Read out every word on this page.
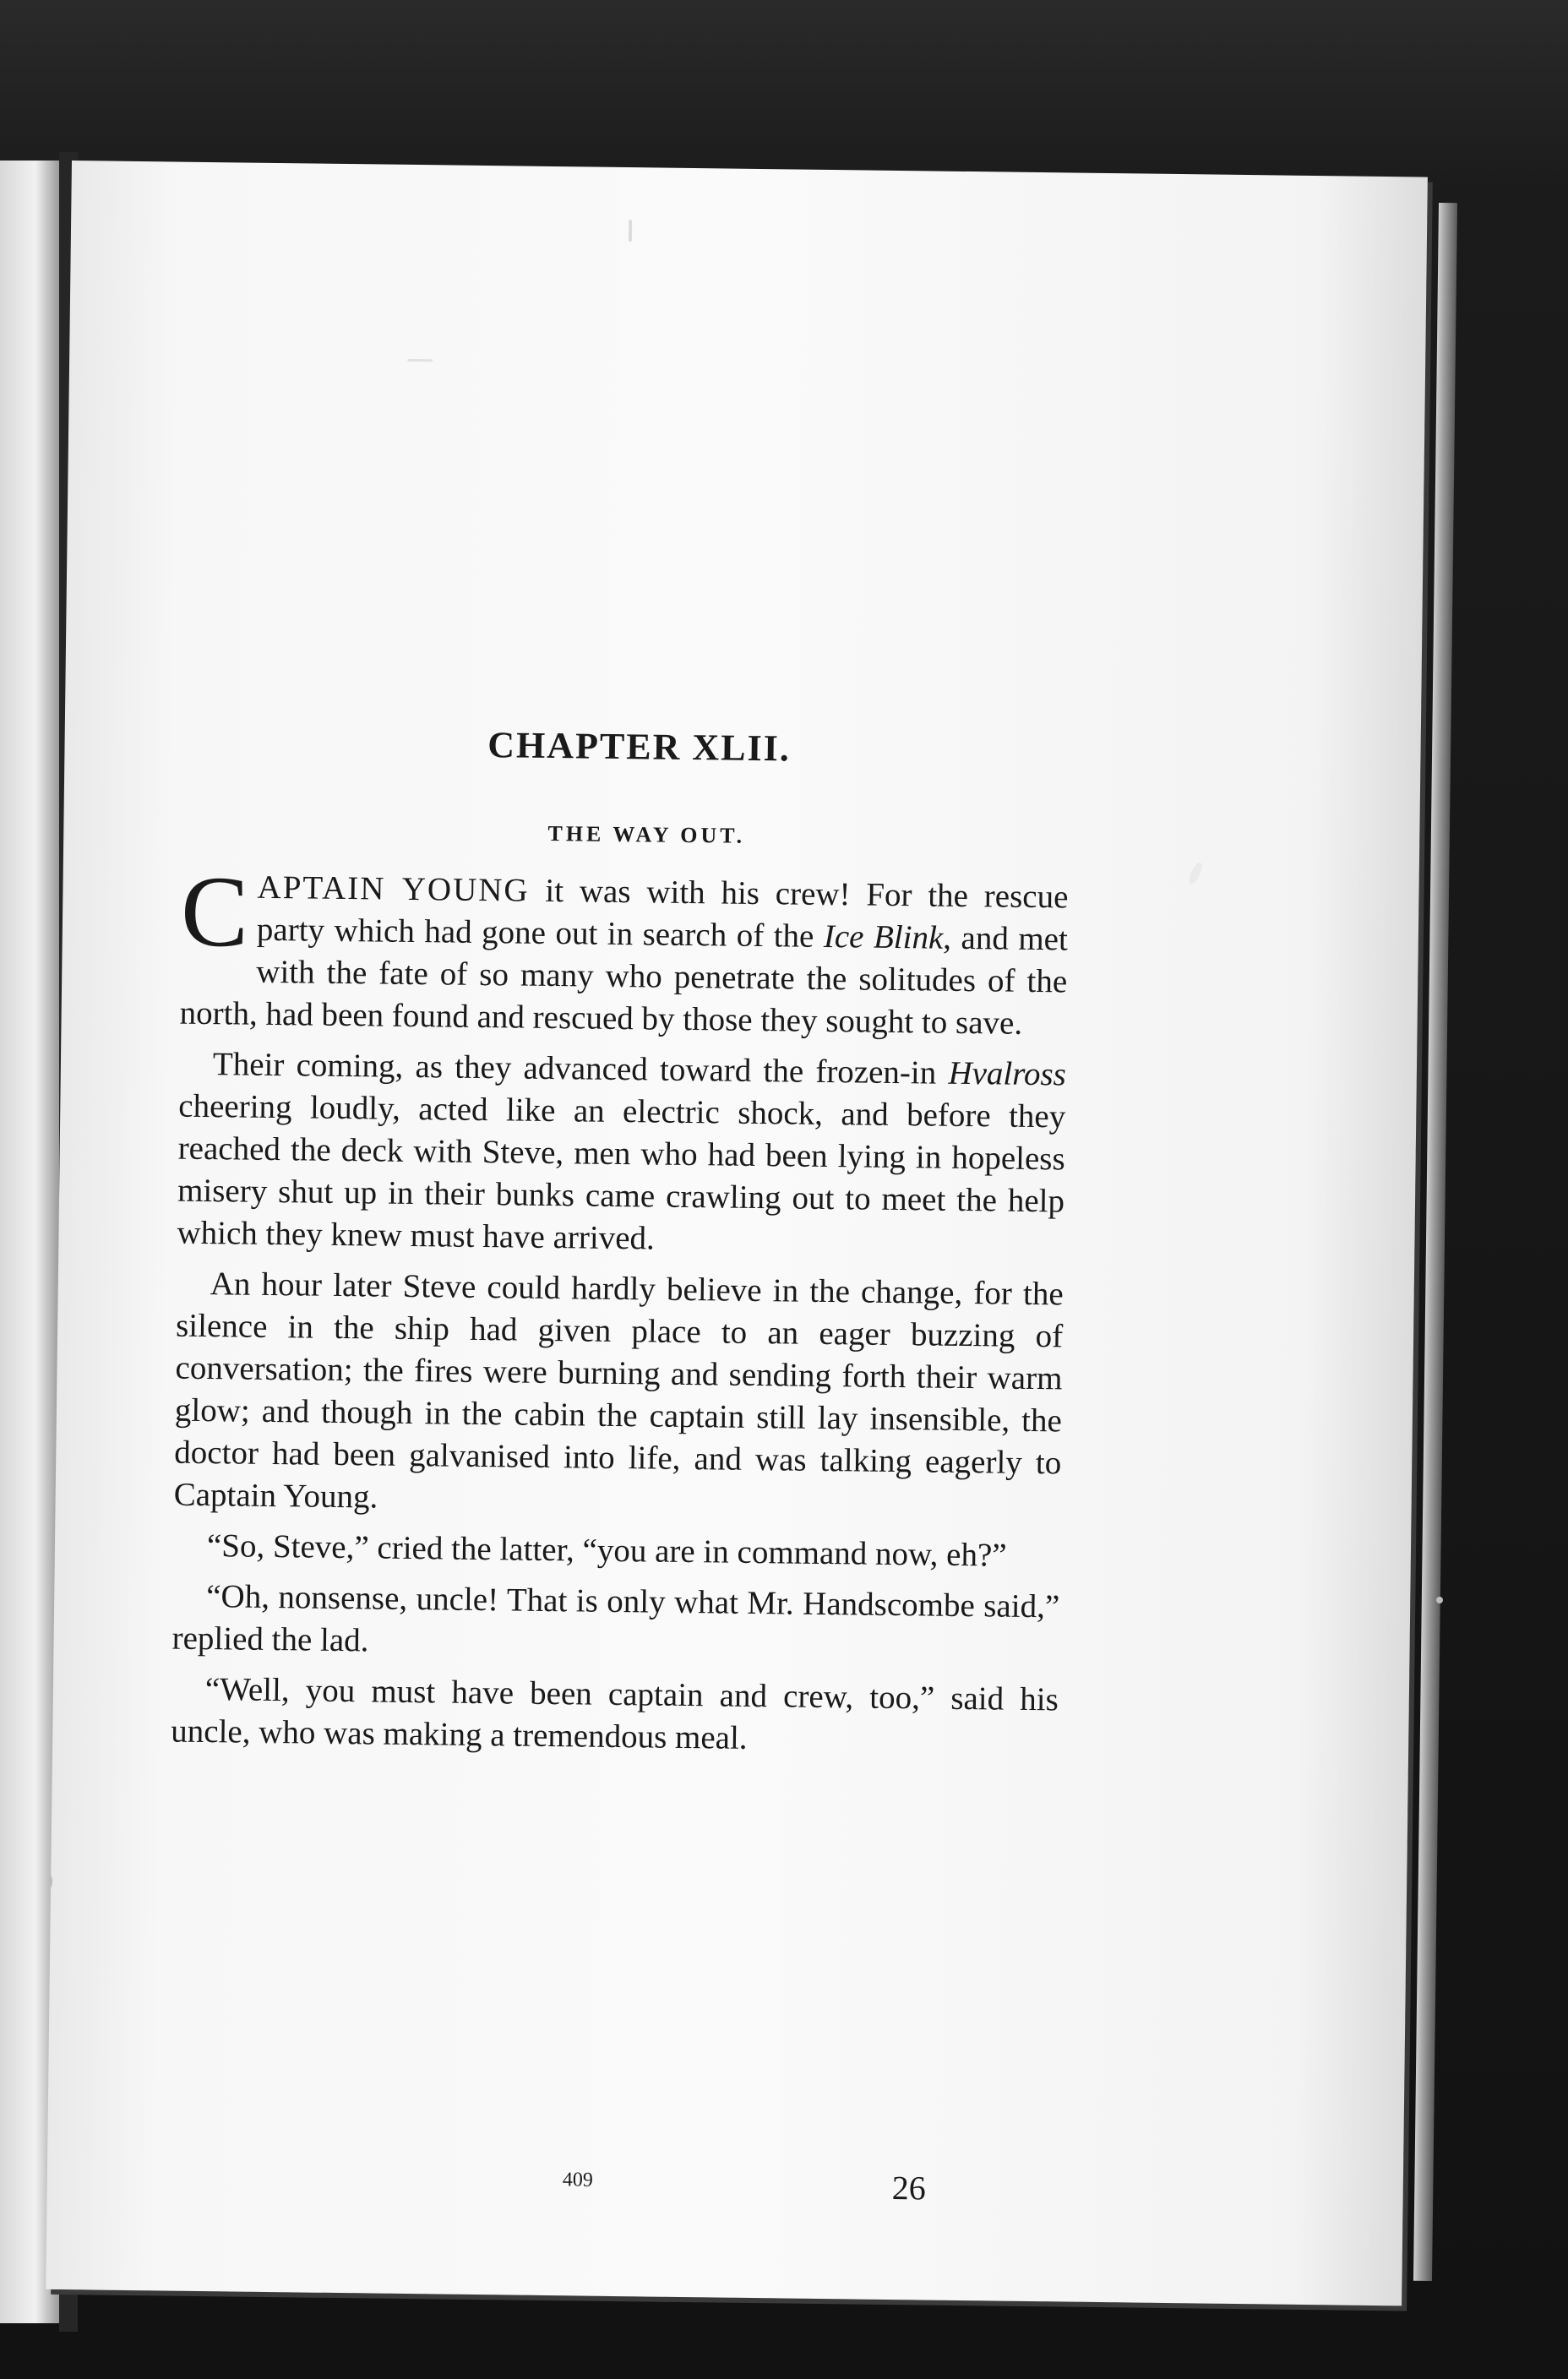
CHAPTER XLII.
THE WAY OUT.

CAPTAIN YOUNG it was with his crew! For the rescue party which had gone out in search of the Ice Blink, and met with the fate of so many who penetrate the solitudes of the north, had been found and rescued by those they sought to save.

Their coming, as they advanced toward the frozen-in Hvalross cheering loudly, acted like an electric shock, and before they reached the deck with Steve, men who had been lying in hopeless misery shut up in their bunks came crawling out to meet the help which they knew must have arrived.

An hour later Steve could hardly believe in the change, for the silence in the ship had given place to an eager buzzing of conversation; the fires were burning and sending forth their warm glow; and though in the cabin the captain still lay insensible, the doctor had been galvanised into life, and was talking eagerly to Captain Young.

“So, Steve,” cried the latter, “you are in command now, eh?”

“Oh, nonsense, uncle! That is only what Mr. Handscombe said,” replied the lad.

“Well, you must have been captain and crew, too,” said his uncle, who was making a tremendous meal.

409	26
